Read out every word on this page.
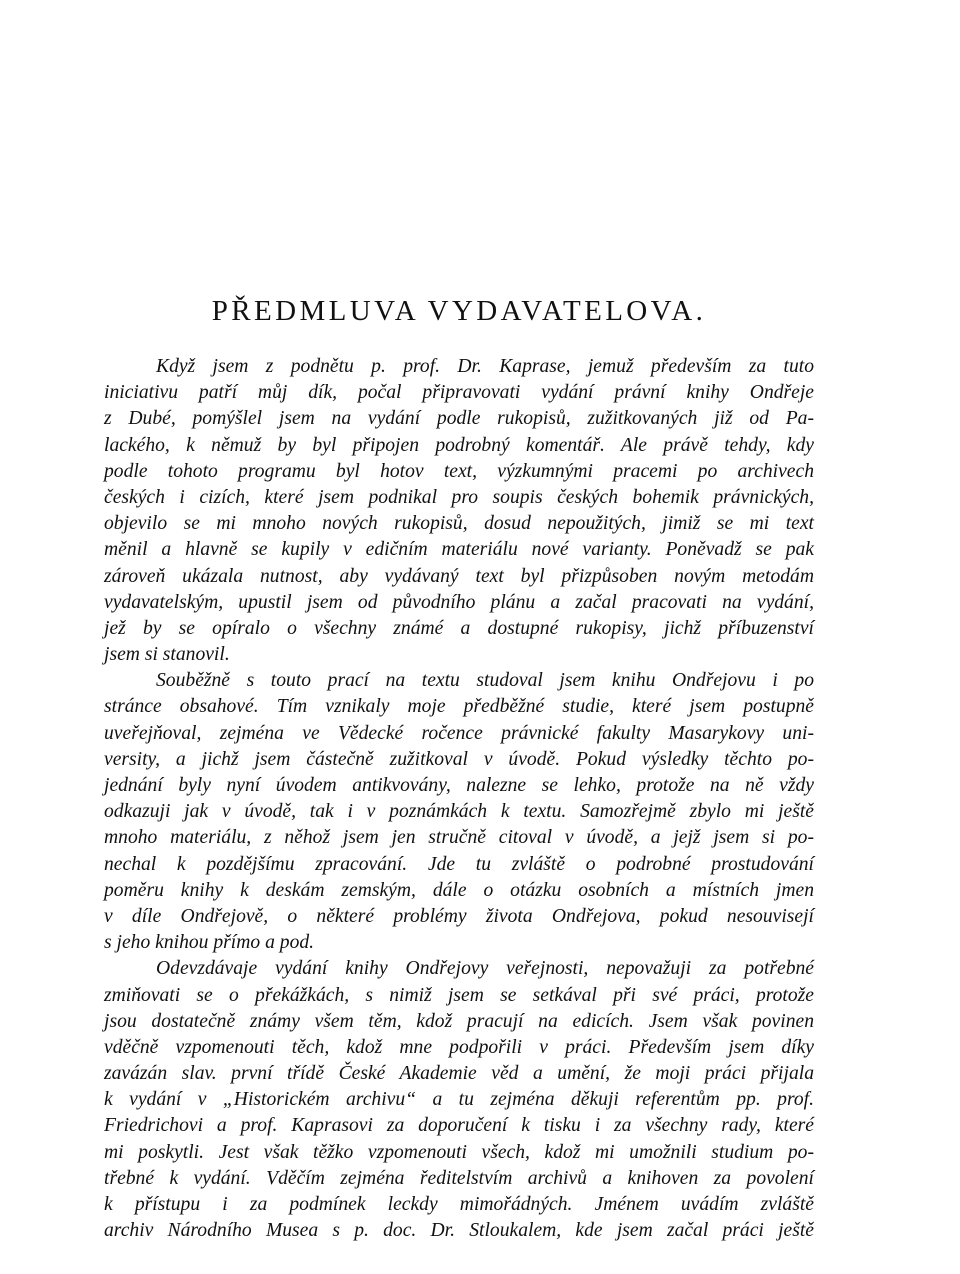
PŘEDMLUVA VYDAVATELOVA.
Když jsem z podnětu p. prof. Dr. Kaprase, jemuž především za tuto
iniciativu patří můj dík, počal připravovati vydání právní knihy Ondřeje
z Dubé, pomýšlel jsem na vydání podle rukopisů, zužitkovaných již od Pa-
lackého, k němuž by byl připojen podrobný komentář. Ale právě tehdy, kdy
podle tohoto programu byl hotov text, výzkumnými pracemi po archivech
českých i cizích, které jsem podnikal pro soupis českých bohemik právnických,
objevilo se mi mnoho nových rukopisů, dosud nepoužitých, jimiž se mi text
měnil a hlavně se kupily v edičním materiálu nové varianty. Poněvadž se pak
zároveň ukázala nutnost, aby vydávaný text byl přizpůsoben novým metodám
vydavatelským, upustil jsem od původního plánu a začal pracovati na vydání,
jež by se opíralo o všechny známé a dostupné rukopisy, jichž příbuzenství
jsem si stanovil.
Souběžně s touto prací na textu studoval jsem knihu Ondřejovu i po
stránce obsahové. Tím vznikaly moje předběžné studie, které jsem postupně
uveřejňoval, zejména ve Vědecké ročence právnické fakulty Masarykovy uni-
versity, a jichž jsem částečně zužitkoval v úvodě. Pokud výsledky těchto po-
jednání byly nyní úvodem antikvovány, nalezne se lehko, protože na ně vždy
odkazuji jak v úvodě, tak i v poznámkách k textu. Samozřejmě zbylo mi ještě
mnoho materiálu, z něhož jsem jen stručně citoval v úvodě, a jejž jsem si po-
nechal k pozdějšímu zpracování. Jde tu zvláště o podrobné prostudování
poměru knihy k deskám zemským, dále o otázku osobních a místních jmen
v díle Ondřejově, o některé problémy života Ondřejova, pokud nesouvisejí
s jeho knihou přímo a pod.
Odevzdávaje vydání knihy Ondřejovy veřejnosti, nepovažuji za potřebné
zmiňovati se o překážkách, s nimiž jsem se setkával při své práci, protože
jsou dostatečně známy všem těm, kdož pracují na edicích. Jsem však povinen
vděčně vzpomenouti těch, kdož mne podpořili v práci. Především jsem díky
zavázán slav. první třídě České Akademie věd a umění, že moji práci přijala
k vydání v „Historickém archivu“ a tu zejména děkuji referentům pp. prof.
Friedrichovi a prof. Kaprasovi za doporučení k tisku i za všechny rady, které
mi poskytli. Jest však těžko vzpomenouti všech, kdož mi umožnili studium po-
třebné k vydání. Vděčím zejména ředitelstvím archivů a knihoven za povolení
k přístupu i za podmínek leckdy mimořádných. Jménem uvádím zvláště
archiv Národního Musea s p. doc. Dr. Stloukalem, kde jsem začal práci ještě
